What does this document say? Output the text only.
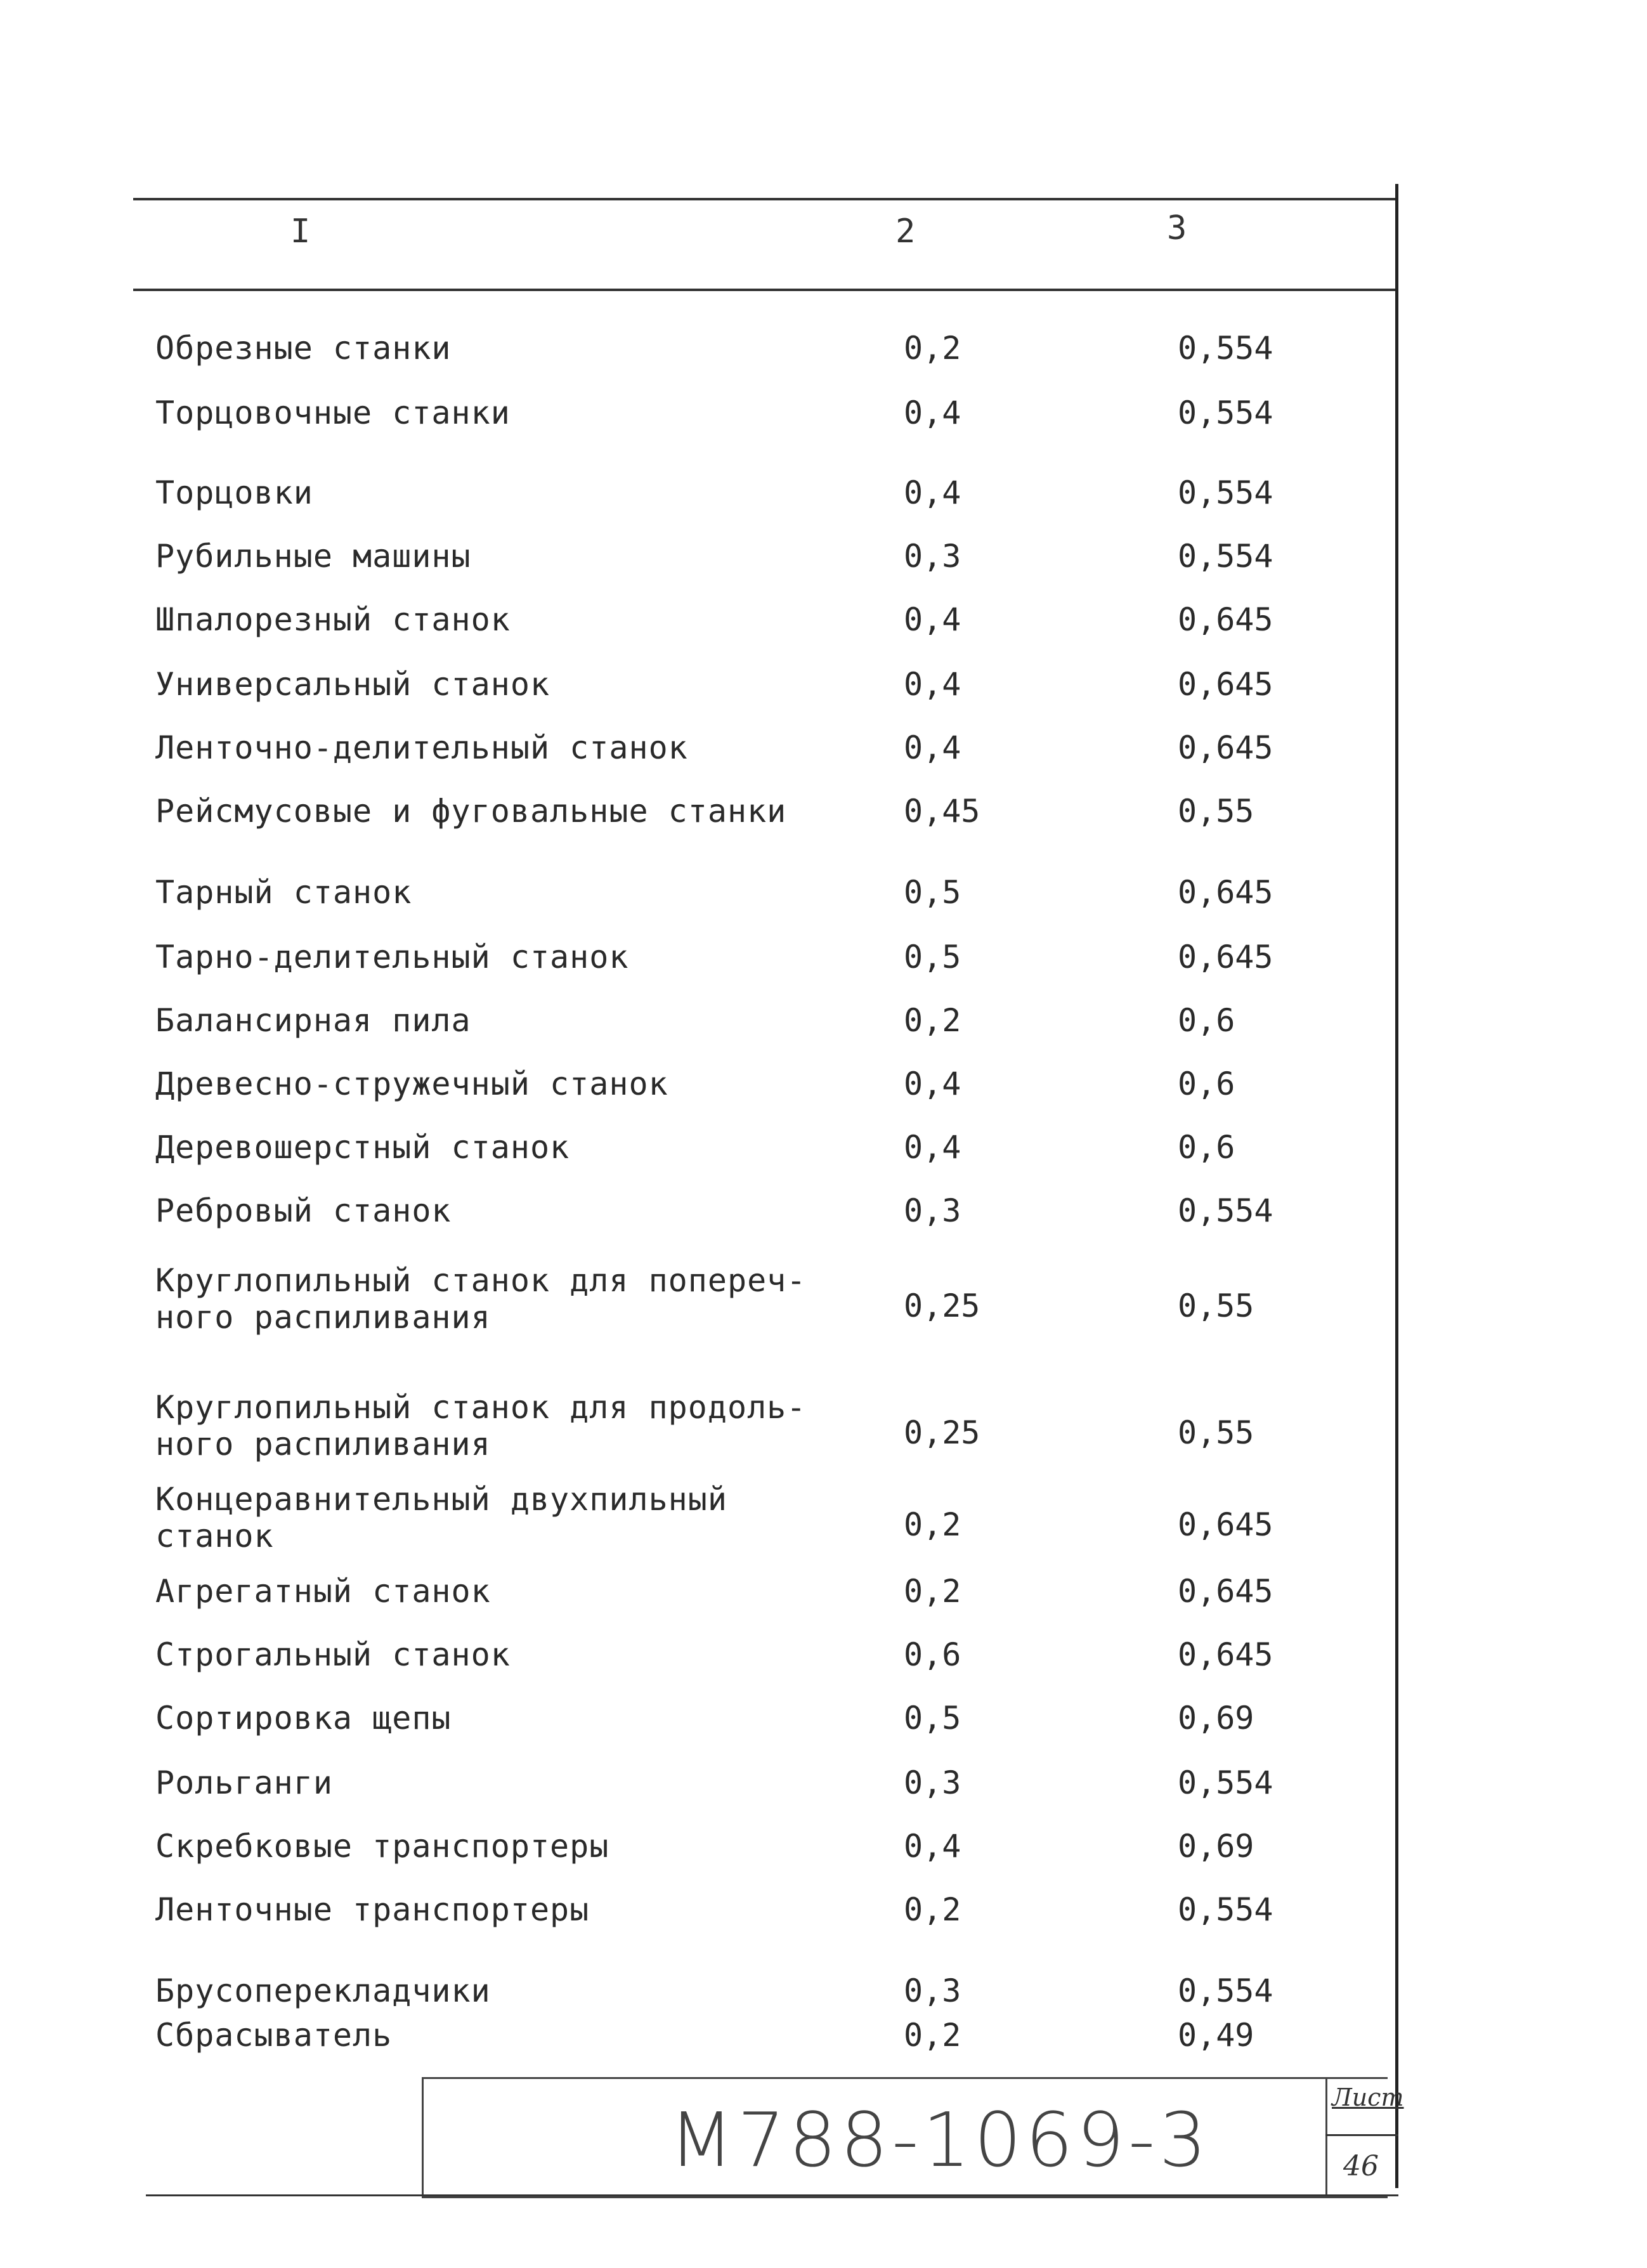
I	2	3
Обрезные станки	0,2	0,554
Торцовочные станки	0,4	0,554
Торцовки	0,4	0,554
Рубильные машины	0,3	0,554
Шпалорезный станок	0,4	0,645
Универсальный станок	0,4	0,645
Ленточно-делительный станок	0,4	0,645
Рейсмусовые и фуговальные станки	0,45	0,55
Тарный станок	0,5	0,645
Тарно-делительный станок	0,5	0,645
Балансирная пила	0,2	0,6
Древесно-стружечный станок	0,4	0,6
Деревошерстный станок	0,4	0,6
Ребровый станок	0,3	0,554
Круглопильный станок для попереч-
ного распиливания	0,25	0,55
Круглопильный станок для продоль-
ного распиливания	0,25	0,55
Концеравнительный двухпильный
станок	0,2	0,645
Агрегатный станок	0,2	0,645
Строгальный станок	0,6	0,645
Сортировка щепы	0,5	0,69
Рольганги	0,3	0,554
Скребковые транспортеры	0,4	0,69
Ленточные транспортеры	0,2	0,554
Брусоперекладчики	0,3	0,554
Сбрасыватель	0,2	0,49
М788-1069-3	Лист
46
